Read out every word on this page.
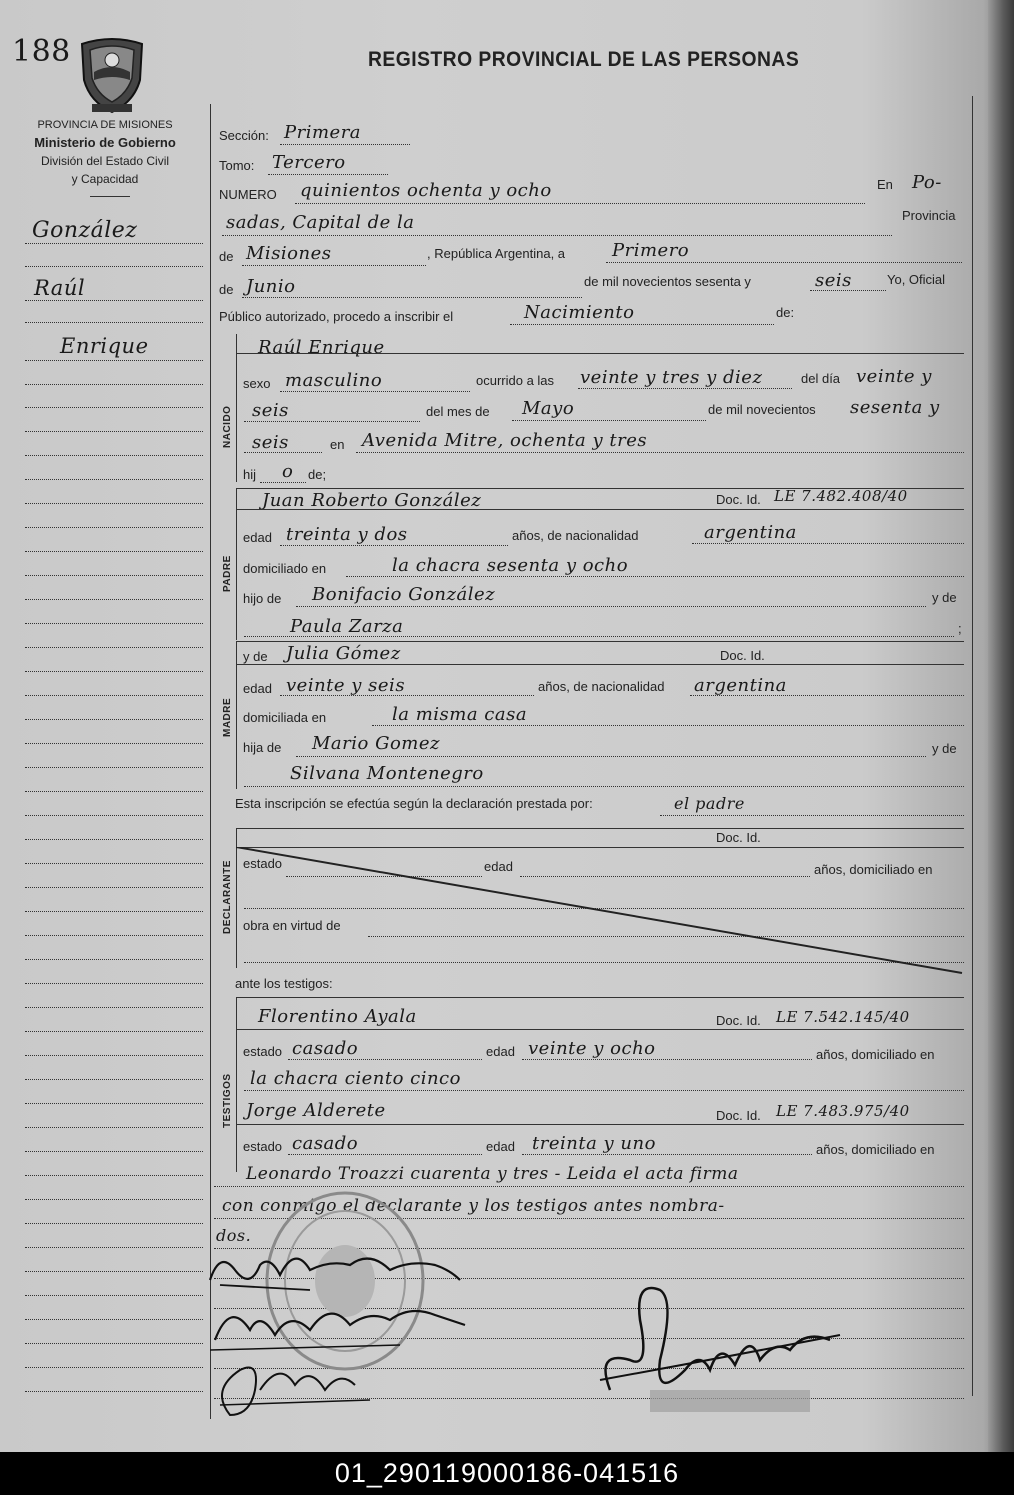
188
PROVINCIA DE MISIONES
Ministerio de Gobierno
División del Estado Civil
y Capacidad
REGISTRO PROVINCIAL DE LAS PERSONAS
González
Raúl
Enrique
Sección: Primera
Tomo: Tercero
NUMERO quinientos ochenta y ocho	En Po-
sadas, Capital de la	Provincia
de Misiones	, República Argentina, a	Primero
de Junio	de mil novecientos sesenta y	seis	Yo, Oficial
Público autorizado, procedo a inscribir el	Nacimiento	de:
NACIDO
Raúl Enrique
sexo masculino	ocurrido a las veinte y tres y diez	del día veinte y
seis	del mes de Mayo	de mil novecientos sesenta y
seis	en Avenida Mitre, ochenta y tres
hij o de;
PADRE
Juan Roberto González	Doc. Id. LE 7.482.408/40
edad treinta y dos	años, de nacionalidad	argentina
domiciliado en	la chacra sesenta y ocho
hijo de Bonifacio González	y de
Paula Zarza	;
MADRE
y de Julia Gómez	Doc. Id.
edad veinte y seis	años, de nacionalidad argentina
domiciliada en	la misma casa
hija de Mario Gomez	y de
Silvana Montenegro
Esta inscripción se efectúa según la declaración prestada por:	el padre
DECLARANTE
Doc. Id.
estado	edad	años, domiciliado en
obra en virtud de
ante los testigos:
TESTIGOS
Florentino Ayala	Doc. Id. LE 7.542.145/40
estado casado	edad veinte y ocho	años, domiciliado en
la chacra ciento cinco
Jorge Alderete	Doc. Id. LE 7.483.975/40
estado casado	edad treinta y uno	años, domiciliado en
Leonardo Troazzi cuarenta y tres - Leida el acta firma
con conmigo el declarante y los testigos antes nombra-
dos.
01_290119000186-041516
